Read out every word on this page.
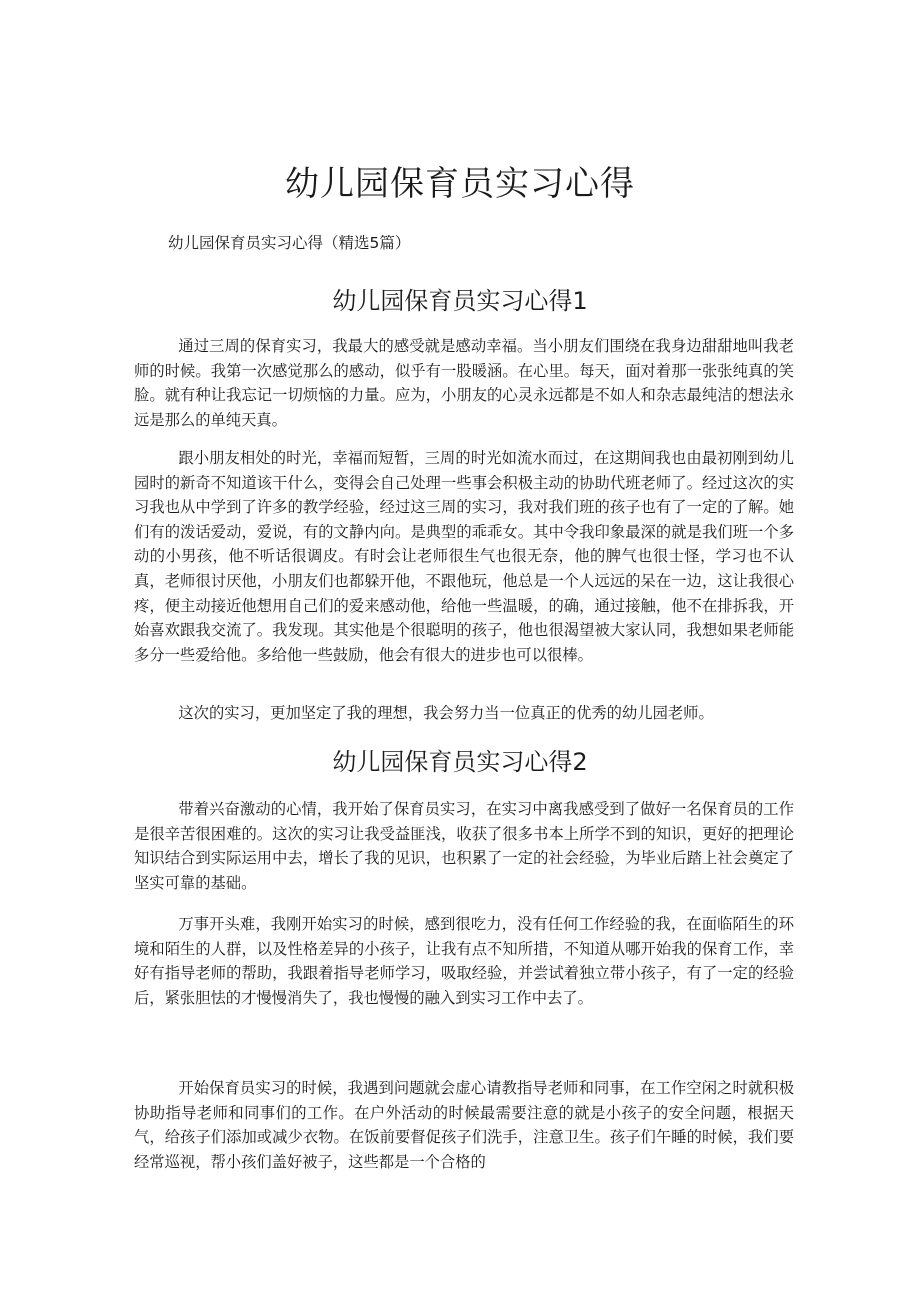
幼儿园保育员实习心得

幼儿园保育员实习心得（精选5篇）

幼儿园保育员实习心得1

通过三周的保育实习，我最大的感受就是感动幸福。当小朋友们围绕在我身边甜甜地叫我老师的时候。我第一次感觉那么的感动，似乎有一股暖涵。在心里。每天，面对着那一张张纯真的笑脸。就有种让我忘记一切烦恼的力量。应为，小朋友的心灵永远都是不如人和杂志最纯洁的想法永远是那么的单纯天真。

跟小朋友相处的时光，幸福而短暂，三周的时光如流水而过，在这期间我也由最初刚到幼儿园时的新奇不知道该干什么，变得会自己处理一些事会积极主动的协助代班老师了。经过这次的实习我也从中学到了许多的教学经验，经过这三周的实习，我对我们班的孩子也有了一定的了解。她们有的泼话爱动，爱说，有的文静内向。是典型的乖乖女。其中令我印象最深的就是我们班一个多动的小男孩，他不听话很调皮。有时会让老师很生气也很无奈，他的脾气也很士怪，学习也不认真，老师很讨厌他，小朋友们也都躲开他，不跟他玩，他总是一个人远远的呆在一边，这让我很心疼，便主动接近他想用自己们的爱来感动他，给他一些温暖，的确，通过接触，他不在排拆我，开始喜欢跟我交流了。我发现。其实他是个很聪明的孩子，他也很渴望被大家认同，我想如果老师能多分一些爱给他。多给他一些鼓励，他会有很大的进步也可以很棒。

这次的实习，更加坚定了我的理想，我会努力当一位真正的优秀的幼儿园老师。

幼儿园保育员实习心得2

带着兴奋激动的心情，我开始了保育员实习，在实习中离我感受到了做好一名保育员的工作是很辛苦很困难的。这次的实习让我受益匪浅，收获了很多书本上所学不到的知识，更好的把理论知识结合到实际运用中去，增长了我的见识，也积累了一定的社会经验，为毕业后踏上社会奠定了坚实可靠的基础。

万事开头难，我刚开始实习的时候，感到很吃力，没有任何工作经验的我，在面临陌生的环境和陌生的人群，以及性格差异的小孩子，让我有点不知所措，不知道从哪开始我的保育工作，幸好有指导老师的帮助，我跟着指导老师学习，吸取经验，并尝试着独立带小孩子，有了一定的经验后，紧张胆怯的才慢慢消失了，我也慢慢的融入到实习工作中去了。

开始保育员实习的时候，我遇到问题就会虚心请教指导老师和同事，在工作空闲之时就积极协助指导老师和同事们的工作。在户外活动的时候最需要注意的就是小孩子的安全问题，根据天气，给孩子们添加或减少衣物。在饭前要督促孩子们洗手，注意卫生。孩子们午睡的时候，我们要经常巡视，帮小孩们盖好被子，这些都是一个合格的
